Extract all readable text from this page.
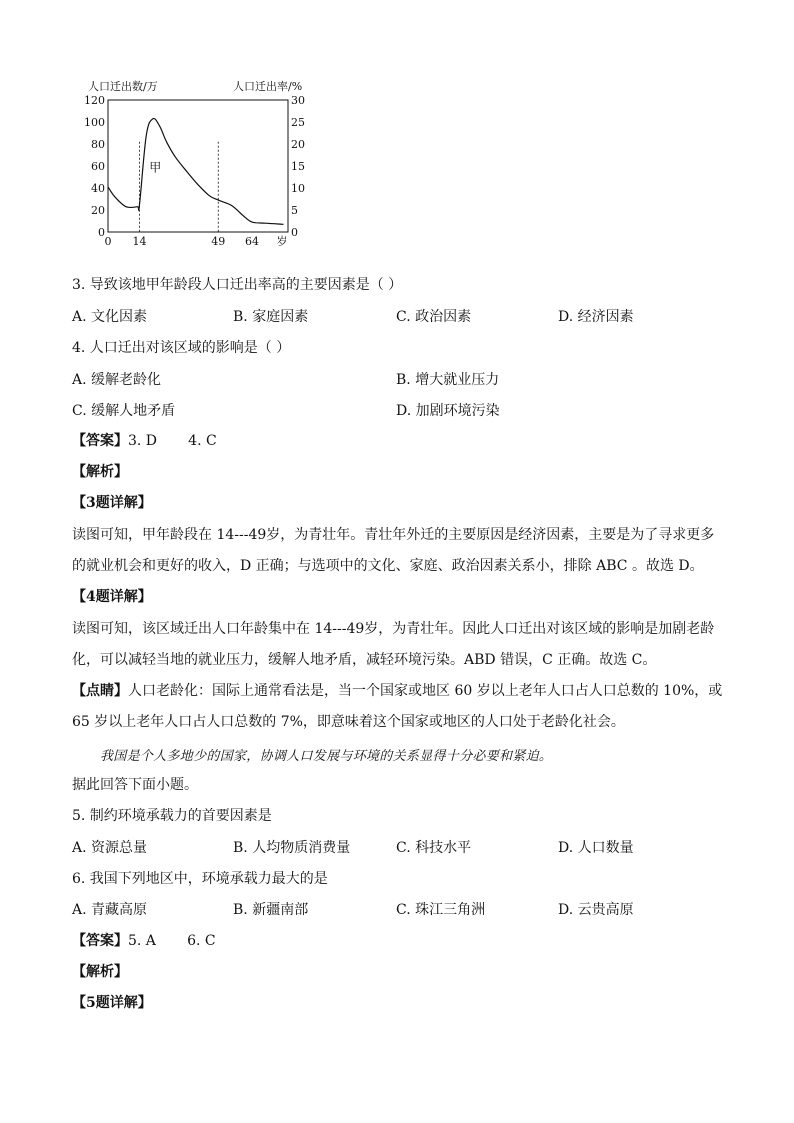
人口迁出数/万	人口迁出率/%
120
100
80
60
40
20
0
30
25
20
15
10
5
0
0 14	49 64 岁
甲
3. 导致该地甲年龄段人口迁出率高的主要因素是（ ）
A. 文化因素	B. 家庭因素	C. 政治因素	D. 经济因素
4. 人口迁出对该区域的影响是（ ）
A. 缓解老龄化	B. 增大就业压力
C. 缓解人地矛盾	D. 加剧环境污染
【答案】3. D       4. C
【解析】
【3题详解】
读图可知，甲年龄段在 14---49岁，为青壮年。青壮年外迁的主要原因是经济因素，主要是为了寻求更多
的就业机会和更好的收入，D 正确；与选项中的文化、家庭、政治因素关系小，排除 ABC 。故选 D。
【4题详解】
读图可知，该区域迁出人口年龄集中在 14---49岁，为青壮年。因此人口迁出对该区域的影响是加剧老龄
化，可以减轻当地的就业压力，缓解人地矛盾，减轻环境污染。ABD 错误，C 正确。故选 C。
【点睛】人口老龄化：国际上通常看法是，当一个国家或地区 60 岁以上老年人口占人口总数的 10%，或
65 岁以上老年人口占人口总数的 7%，即意味着这个国家或地区的人口处于老龄化社会。
我国是个人多地少的国家，协调人口发展与环境的关系显得十分必要和紧迫。
据此回答下面小题。
5. 制约环境承载力的首要因素是
A. 资源总量	B. 人均物质消费量	C. 科技水平	D. 人口数量
6. 我国下列地区中，环境承载力最大的是
A. 青藏高原	B. 新疆南部	C. 珠江三角洲	D. 云贵高原
【答案】5. A       6. C
【解析】
【5题详解】
